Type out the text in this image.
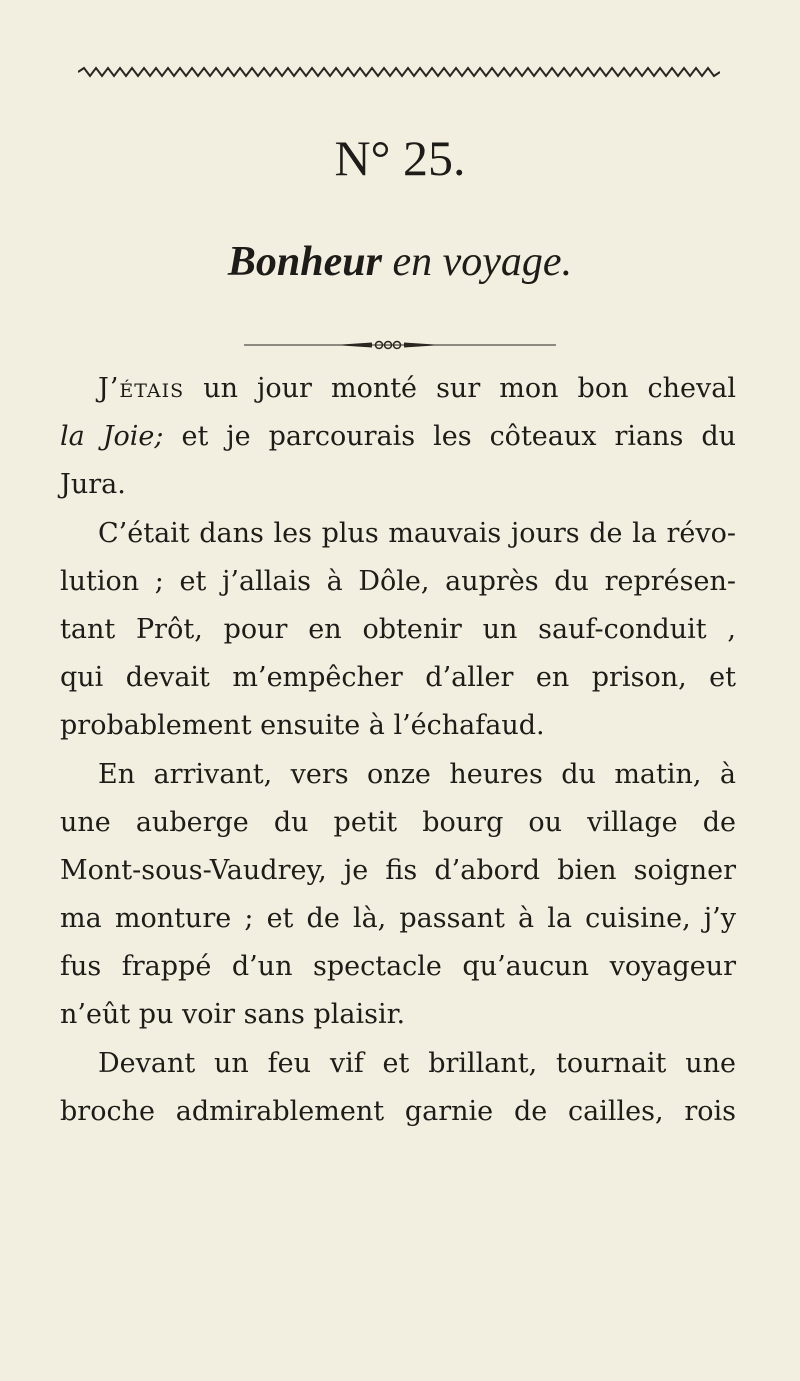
N° 25.
Bonheur en voyage.
J’étais un jour monté sur mon bon cheval
la Joie; et je parcourais les côteaux rians du
Jura.
C’était dans les plus mauvais jours de la révo-
lution ; et j’allais à Dôle, auprès du représen-
tant Prôt, pour en obtenir un sauf-conduit ,
qui devait m’empêcher d’aller en prison, et
probablement ensuite à l’échafaud.
En arrivant, vers onze heures du matin, à
une auberge du petit bourg ou village de
Mont-sous-Vaudrey, je fis d’abord bien soigner
ma monture ; et de là, passant à la cuisine, j’y
fus frappé d’un spectacle qu’aucun voyageur
n’eût pu voir sans plaisir.
Devant un feu vif et brillant, tournait une
broche admirablement garnie de cailles, rois
